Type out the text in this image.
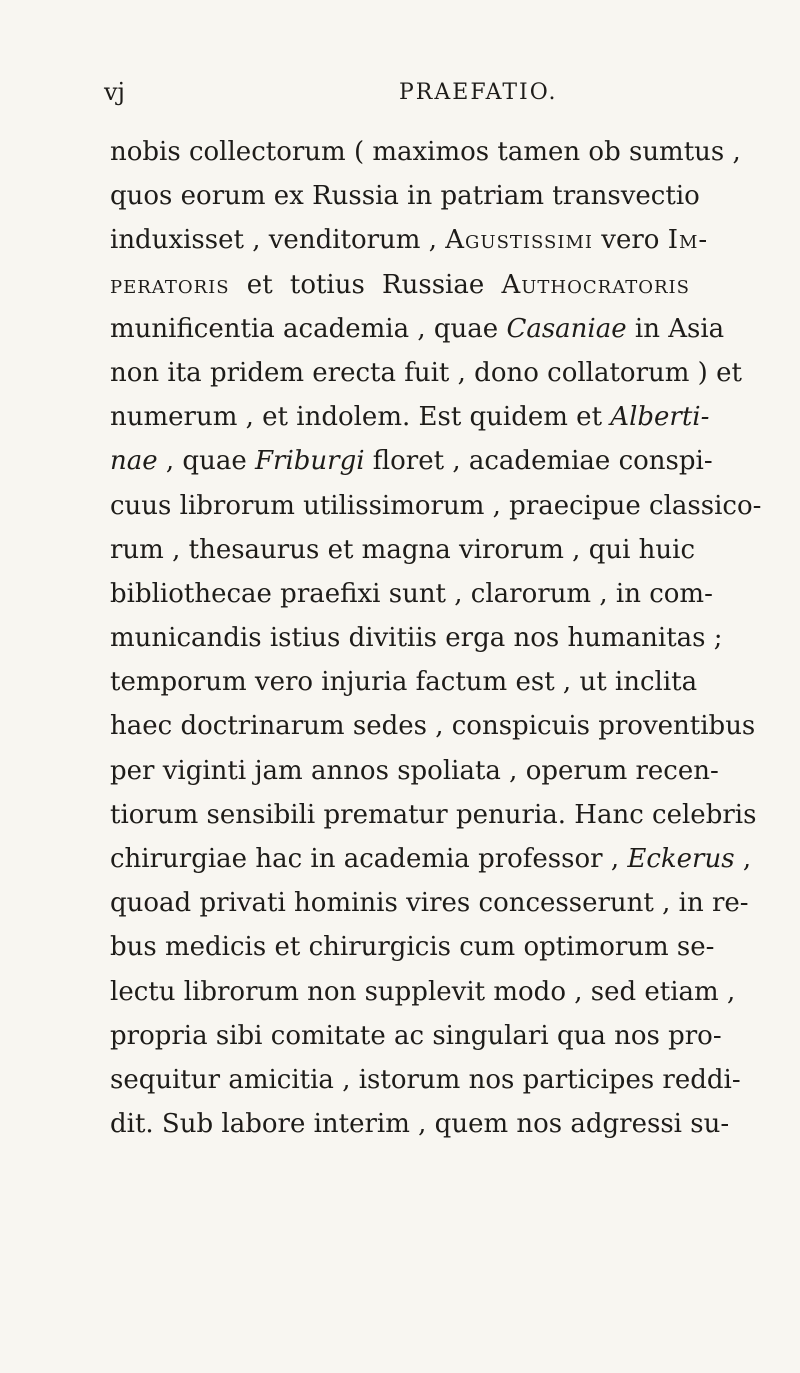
vj	PRAEFATIO.
nobis collectorum ( maximos tamen ob sumtus ,
quos eorum ex Russia in patriam transvectio
induxisset , venditorum , Agustissimi vero Im-
peratoris et totius Russiae Authocratoris
munificentia academia , quae Casaniae in Asia
non ita pridem erecta fuit , dono collatorum ) et
numerum , et indolem. Est quidem et Alberti-
nae , quae Friburgi floret , academiae conspi-
cuus librorum utilissimorum , praecipue classico-
rum , thesaurus et magna virorum , qui huic
bibliothecae praefixi sunt , clarorum , in com-
municandis istius divitiis erga nos humanitas ;
temporum vero injuria factum est , ut inclita
haec doctrinarum sedes , conspicuis proventibus
per viginti jam annos spoliata , operum recen-
tiorum sensibili prematur penuria. Hanc celebris
chirurgiae hac in academia professor , Eckerus ,
quoad privati hominis vires concesserunt , in re-
bus medicis et chirurgicis cum optimorum se-
lectu librorum non supplevit modo , sed etiam ,
propria sibi comitate ac singulari qua nos pro-
sequitur amicitia , istorum nos participes reddi-
dit. Sub labore interim , quem nos adgressi su-
